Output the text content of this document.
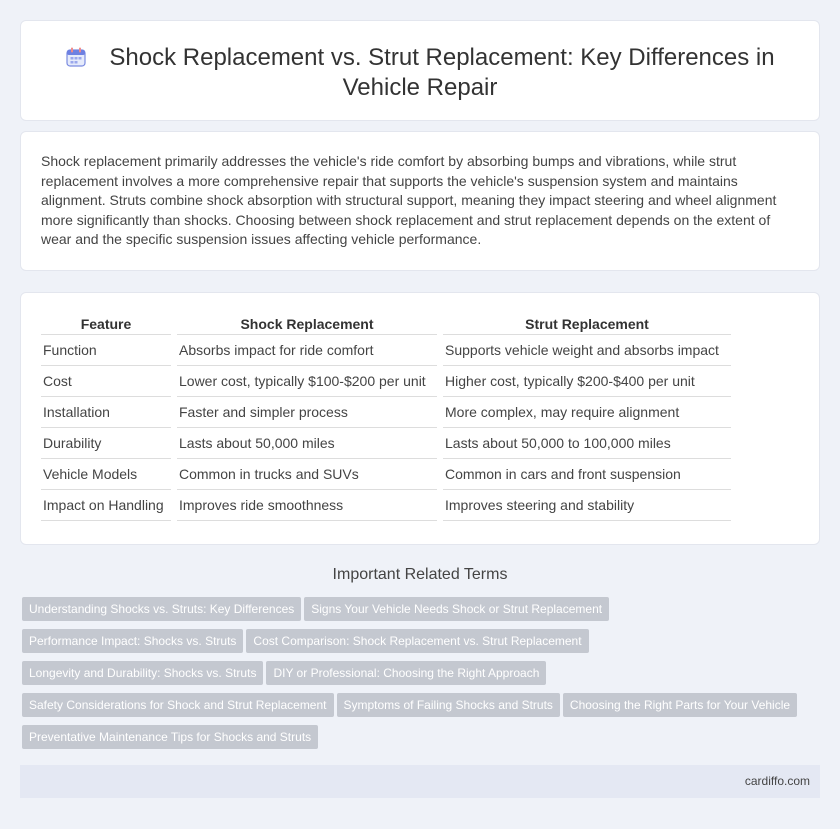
Shock Replacement vs. Strut Replacement: Key Differences in Vehicle Repair

Shock replacement primarily addresses the vehicle's ride comfort by absorbing bumps and vibrations, while strut replacement involves a more comprehensive repair that supports the vehicle's suspension system and maintains alignment. Struts combine shock absorption with structural support, meaning they impact steering and wheel alignment more significantly than shocks. Choosing between shock replacement and strut replacement depends on the extent of wear and the specific suspension issues affecting vehicle performance.

Feature	Shock Replacement	Strut Replacement
Function	Absorbs impact for ride comfort	Supports vehicle weight and absorbs impact
Cost	Lower cost, typically $100-$200 per unit	Higher cost, typically $200-$400 per unit
Installation	Faster and simpler process	More complex, may require alignment
Durability	Lasts about 50,000 miles	Lasts about 50,000 to 100,000 miles
Vehicle Models	Common in trucks and SUVs	Common in cars and front suspension
Impact on Handling	Improves ride smoothness	Improves steering and stability
Important Related Terms
Understanding Shocks vs. Struts: Key Differences Signs Your Vehicle Needs Shock or Strut Replacement
Performance Impact: Shocks vs. Struts Cost Comparison: Shock Replacement vs. Strut Replacement
Longevity and Durability: Shocks vs. Struts DIY or Professional: Choosing the Right Approach
Safety Considerations for Shock and Strut Replacement Symptoms of Failing Shocks and Struts Choosing the Right Parts for Your Vehicle
Preventative Maintenance Tips for Shocks and Struts
cardiffo.com
